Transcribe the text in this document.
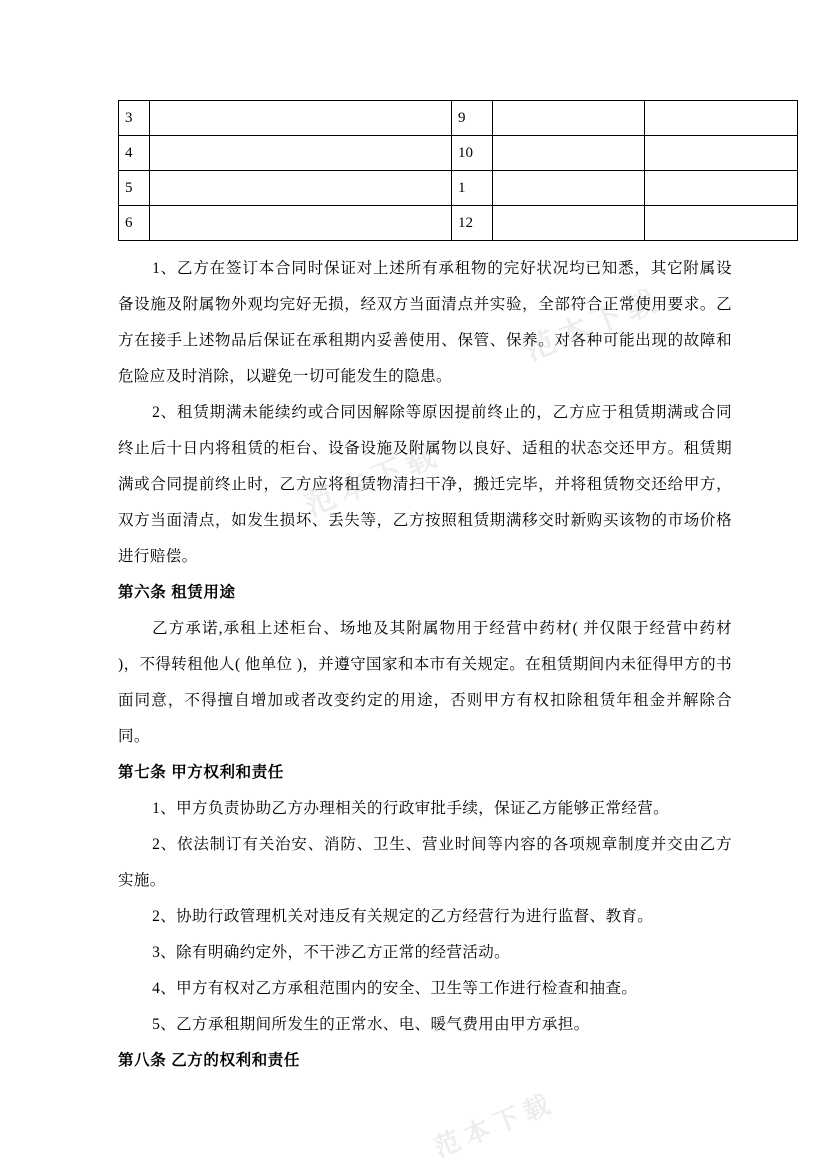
范本下载
范本下载
范本下载
3		9		
4		10		
5		1		
6		12		

1、乙方在签订本合同时保证对上述所有承租物的完好状况均已知悉，其它附属设备设施及附属物外观均完好无损，经双方当面清点并实验，全部符合正常使用要求。乙方在接手上述物品后保证在承租期内妥善使用、保管、保养。对各种可能出现的故障和危险应及时消除，以避免一切可能发生的隐患。

2、租赁期满未能续约或合同因解除等原因提前终止的，乙方应于租赁期满或合同终止后十日内将租赁的柜台、设备设施及附属物以良好、适租的状态交还甲方。租赁期满或合同提前终止时，乙方应将租赁物清扫干净，搬迁完毕，并将租赁物交还给甲方，双方当面清点，如发生损坏、丢失等，乙方按照租赁期满移交时新购买该物的市场价格进行赔偿。

第六条 租赁用途

乙方承诺,承租上述柜台、场地及其附属物用于经营中药材( 并仅限于经营中药材 )，不得转租他人( 他单位 )，并遵守国家和本市有关规定。在租赁期间内未征得甲方的书面同意，不得擅自增加或者改变约定的用途，否则甲方有权扣除租赁年租金并解除合同。

第七条 甲方权利和责任

1、甲方负责协助乙方办理相关的行政审批手续，保证乙方能够正常经营。

2、依法制订有关治安、消防、卫生、营业时间等内容的各项规章制度并交由乙方实施。

2、协助行政管理机关对违反有关规定的乙方经营行为进行监督、教育。

3、除有明确约定外，不干涉乙方正常的经营活动。

4、甲方有权对乙方承租范围内的安全、卫生等工作进行检查和抽查。

5、乙方承租期间所发生的正常水、电、暖气费用由甲方承担。

第八条 乙方的权利和责任
